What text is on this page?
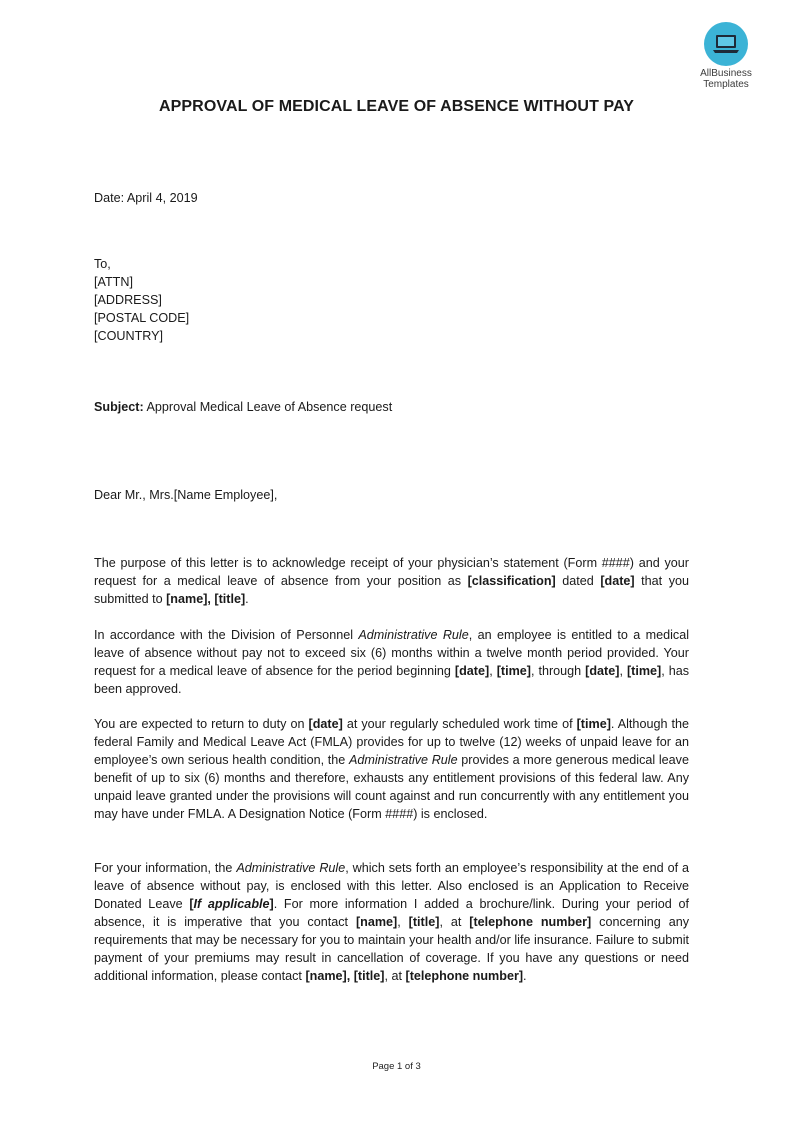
AllBusiness
Templates
APPROVAL OF MEDICAL LEAVE OF ABSENCE WITHOUT PAY
Date: April 4, 2019
To,
[ATTN]
[ADDRESS]
[POSTAL CODE]
[COUNTRY]
Subject: Approval Medical Leave of Absence request
Dear Mr., Mrs.[Name Employee],
The purpose of this letter is to acknowledge receipt of your physician’s statement (Form ####) and your request for a medical leave of absence from your position as [classification] dated [date] that you submitted to [name], [title].
In accordance with the Division of Personnel Administrative Rule, an employee is entitled to a medical leave of absence without pay not to exceed six (6) months within a twelve month period provided. Your request for a medical leave of absence for the period beginning [date], [time], through [date], [time], has been approved.
You are expected to return to duty on [date] at your regularly scheduled work time of [time]. Although the federal Family and Medical Leave Act (FMLA) provides for up to twelve (12) weeks of unpaid leave for an employee’s own serious health condition, the Administrative Rule provides a more generous medical leave benefit of up to six (6) months and therefore, exhausts any entitlement provisions of this federal law. Any unpaid leave granted under the provisions will count against and run concurrently with any entitlement you may have under FMLA. A Designation Notice (Form ####) is enclosed.
For your information, the Administrative Rule, which sets forth an employee’s responsibility at the end of a leave of absence without pay, is enclosed with this letter. Also enclosed is an Application to Receive Donated Leave [If applicable]. For more information I added a brochure/link. During your period of absence, it is imperative that you contact [name], [title], at [telephone number] concerning any requirements that may be necessary for you to maintain your health and/or life insurance. Failure to submit payment of your premiums may result in cancellation of coverage. If you have any questions or need additional information, please contact [name], [title], at [telephone number].
Page 1 of 3
